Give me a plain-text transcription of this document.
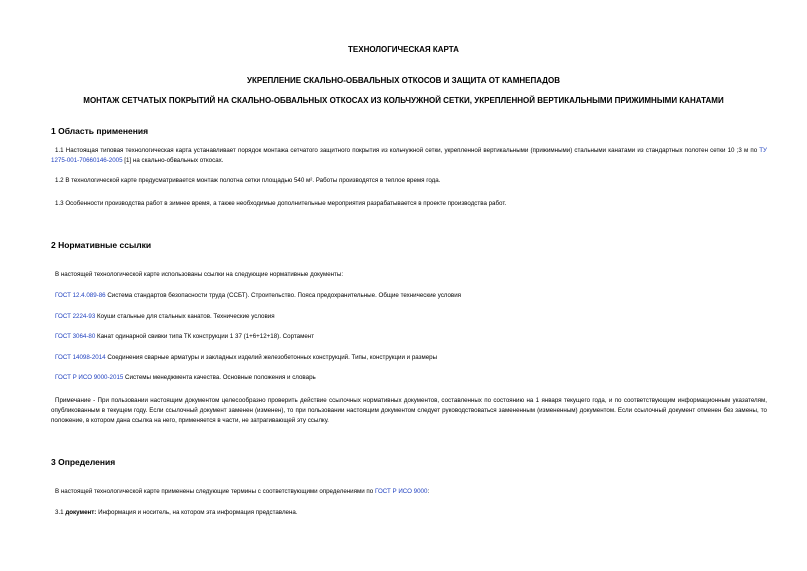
ТЕХНОЛОГИЧЕСКАЯ КАРТА
УКРЕПЛЕНИЕ СКАЛЬНО-ОБВАЛЬНЫХ ОТКОСОВ И ЗАЩИТА ОТ КАМНЕПАДОВ
МОНТАЖ СЕТЧАТЫХ ПОКРЫТИЙ НА СКАЛЬНО-ОБВАЛЬНЫХ ОТКОСАХ ИЗ КОЛЬЧУЖНОЙ СЕТКИ, УКРЕПЛЕННОЙ ВЕРТИКАЛЬНЫМИ ПРИЖИМНЫМИ КАНАТАМИ
1 Область применения
1.1 Настоящая типовая технологическая карта устанавливает порядок монтажа сетчатого защитного покрытия из кольчужной сетки, укрепленной вертикальными (прижимными) стальными канатами из стандартных полотен сетки 10 ;3 м по ТУ 1275-001-70660146-2005 [1] на скально-обвальных откосах.
1.2 В технологической карте предусматривается монтаж полотна сетки площадью 540 м². Работы производятся в теплое время года.
1.3 Особенности производства работ в зимнее время, а также необходимые дополнительные мероприятия разрабатывается в проекте производства работ.
2 Нормативные ссылки
В настоящей технологической карте использованы ссылки на следующие нормативные документы:
ГОСТ 12.4.089-86 Система стандартов безопасности труда (ССБТ). Строительство. Пояса предохранительные. Общие технические условия
ГОСТ 2224-93 Коуши стальные для стальных канатов. Технические условия
ГОСТ 3064-80 Канат одинарной свивки типа ТК конструкции 1 37 (1+6+12+18). Сортамент
ГОСТ 14098-2014 Соединения сварные арматуры и закладных изделий железобетонных конструкций. Типы, конструкции и размеры
ГОСТ Р ИСО 9000-2015 Системы менеджмента качества. Основные положения и словарь
Примечание - При пользовании настоящим документом целесообразно проверить действие ссылочных нормативных документов, составленных по состоянию на 1 января текущего года, и по соответствующим информационным указателям, опубликованным в текущем году. Если ссылочный документ заменен (изменен), то при пользовании настоящим документом следует руководствоваться замененным (измененным) документом. Если ссылочный документ отменен без замены, то положение, в котором дана ссылка на него, применяется в части, не затрагивающей эту ссылку.
3 Определения
В настоящей технологической карте применены следующие термины с соответствующими определениями по ГОСТ Р ИСО 9000:
3.1 документ: Информация и носитель, на котором эта информация представлена.
